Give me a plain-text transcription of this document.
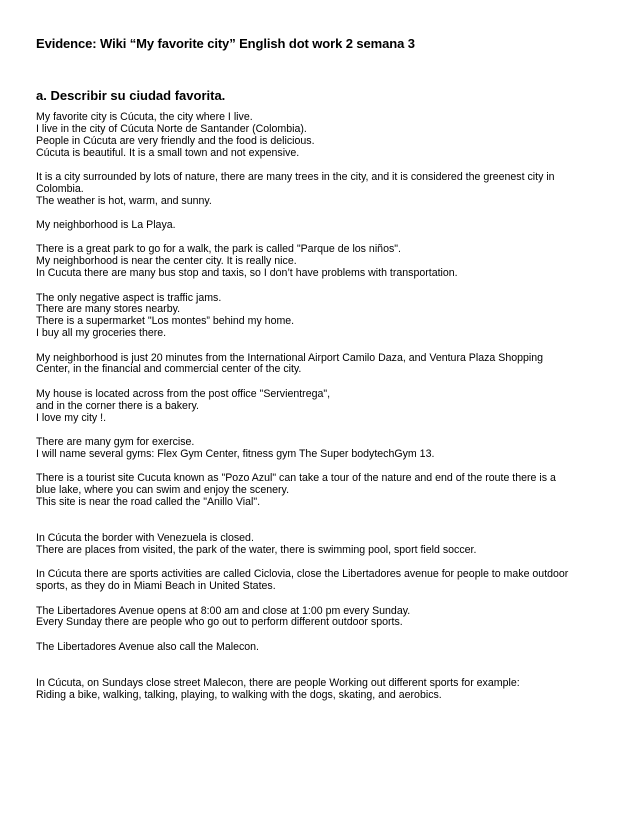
Evidence: Wiki “My favorite city” English dot work 2 semana 3
a. Describir su ciudad favorita.
My favorite city is Cúcuta, the city where I live.
I live in the city of Cúcuta Norte de Santander (Colombia).
People in Cúcuta are very friendly and the food is delicious.
Cúcuta is beautiful. It is a small town and not expensive.
It is a city surrounded by lots of nature, there are many trees in the city, and it is considered the greenest city in
Colombia.
The weather is hot, warm, and sunny.
My neighborhood is La Playa.
There is a great park to go for a walk, the park is called "Parque de los niños".
My neighborhood is near the center city. It is really nice.
In Cucuta there are many bus stop and taxis, so I don’t have problems with transportation.
The only negative aspect is traffic jams.
There are many stores nearby.
There is a supermarket "Los montes” behind my home.
I buy all my groceries there.
My neighborhood is just 20 minutes from the International Airport Camilo Daza, and Ventura Plaza Shopping
Center, in the financial and commercial center of the city.
My house is located across from the post office "Servientrega",
and in the corner there is a bakery.
I love my city !.
There are many gym for exercise.
I will name several gyms: Flex Gym Center, fitness gym The Super bodytechGym 13.
There is a tourist site Cucuta known as "Pozo Azul" can take a tour of the nature and end of the route there is a
blue lake, where you can swim and enjoy the scenery.
This site is near the road called the "Anillo Vial".
In Cúcuta the border with Venezuela is closed.
There are places from visited, the park of the water, there is swimming pool, sport field soccer.
In Cúcuta there are sports activities are called Ciclovia, close the Libertadores avenue for people to make outdoor
sports, as they do in Miami Beach in United States.
The Libertadores Avenue opens at 8:00 am and close at 1:00 pm every Sunday.
Every Sunday there are people who go out to perform different outdoor sports.
The Libertadores Avenue also call the Malecon.
In Cúcuta, on Sundays close street Malecon, there are people Working out different sports for example:
Riding a bike, walking, talking, playing, to walking with the dogs, skating, and aerobics.
